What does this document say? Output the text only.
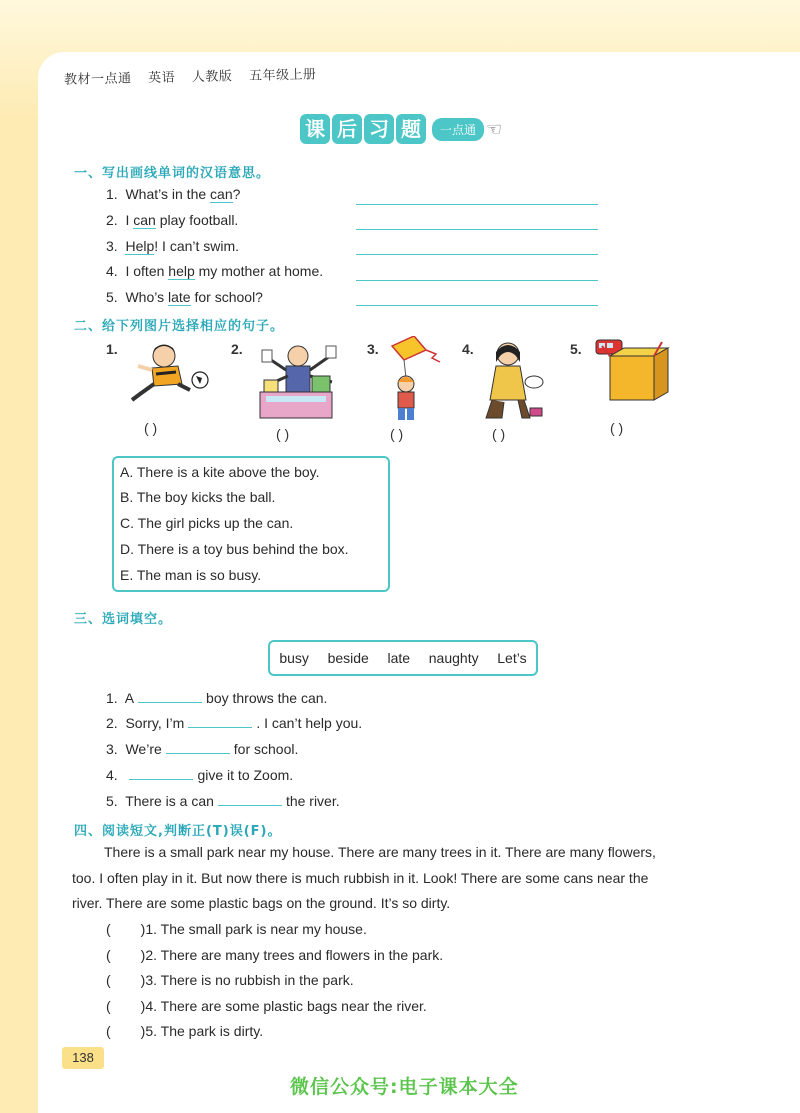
教材一点通 英语 人教版 五年级上册
课 后 习 题	一点通 ☜
一、写出画线单词的汉语意思。
1. What’s in the can?
2. I can play football.
3. Help! I can’t swim.
4. I often help my mother at home.
5. Who’s late for school?
二、给下列图片选择相应的句子。
1.	2.	3.	4.	5.
( )	( )	( )	( )	( )
A. There is a kite above the boy.
B. The boy kicks the ball.
C. The girl picks up the can.
D. There is a toy bus behind the box.
E. The man is so busy.
三、选词填空。
busy beside late naughty Let’s
1. A	boy throws the can.
2. Sorry, I’m	. I can’t help you.
3. We’re	for school.
4.	give it to Zoom.
5. There is a can	the river.
四、阅读短文,判断正(T)误(F)。
There is a small park near my house. There are many trees in it. There are many flowers,
too. I often play in it. But now there is much rubbish in it. Look! There are some cans near the
river. There are some plastic bags on the ground. It’s so dirty.
( )1. The small park is near my house.
( )2. There are many trees and flowers in the park.
( )3. There is no rubbish in the park.
( )4. There are some plastic bags near the river.
( )5. The park is dirty.
138
微信公众号:电子课本大全
